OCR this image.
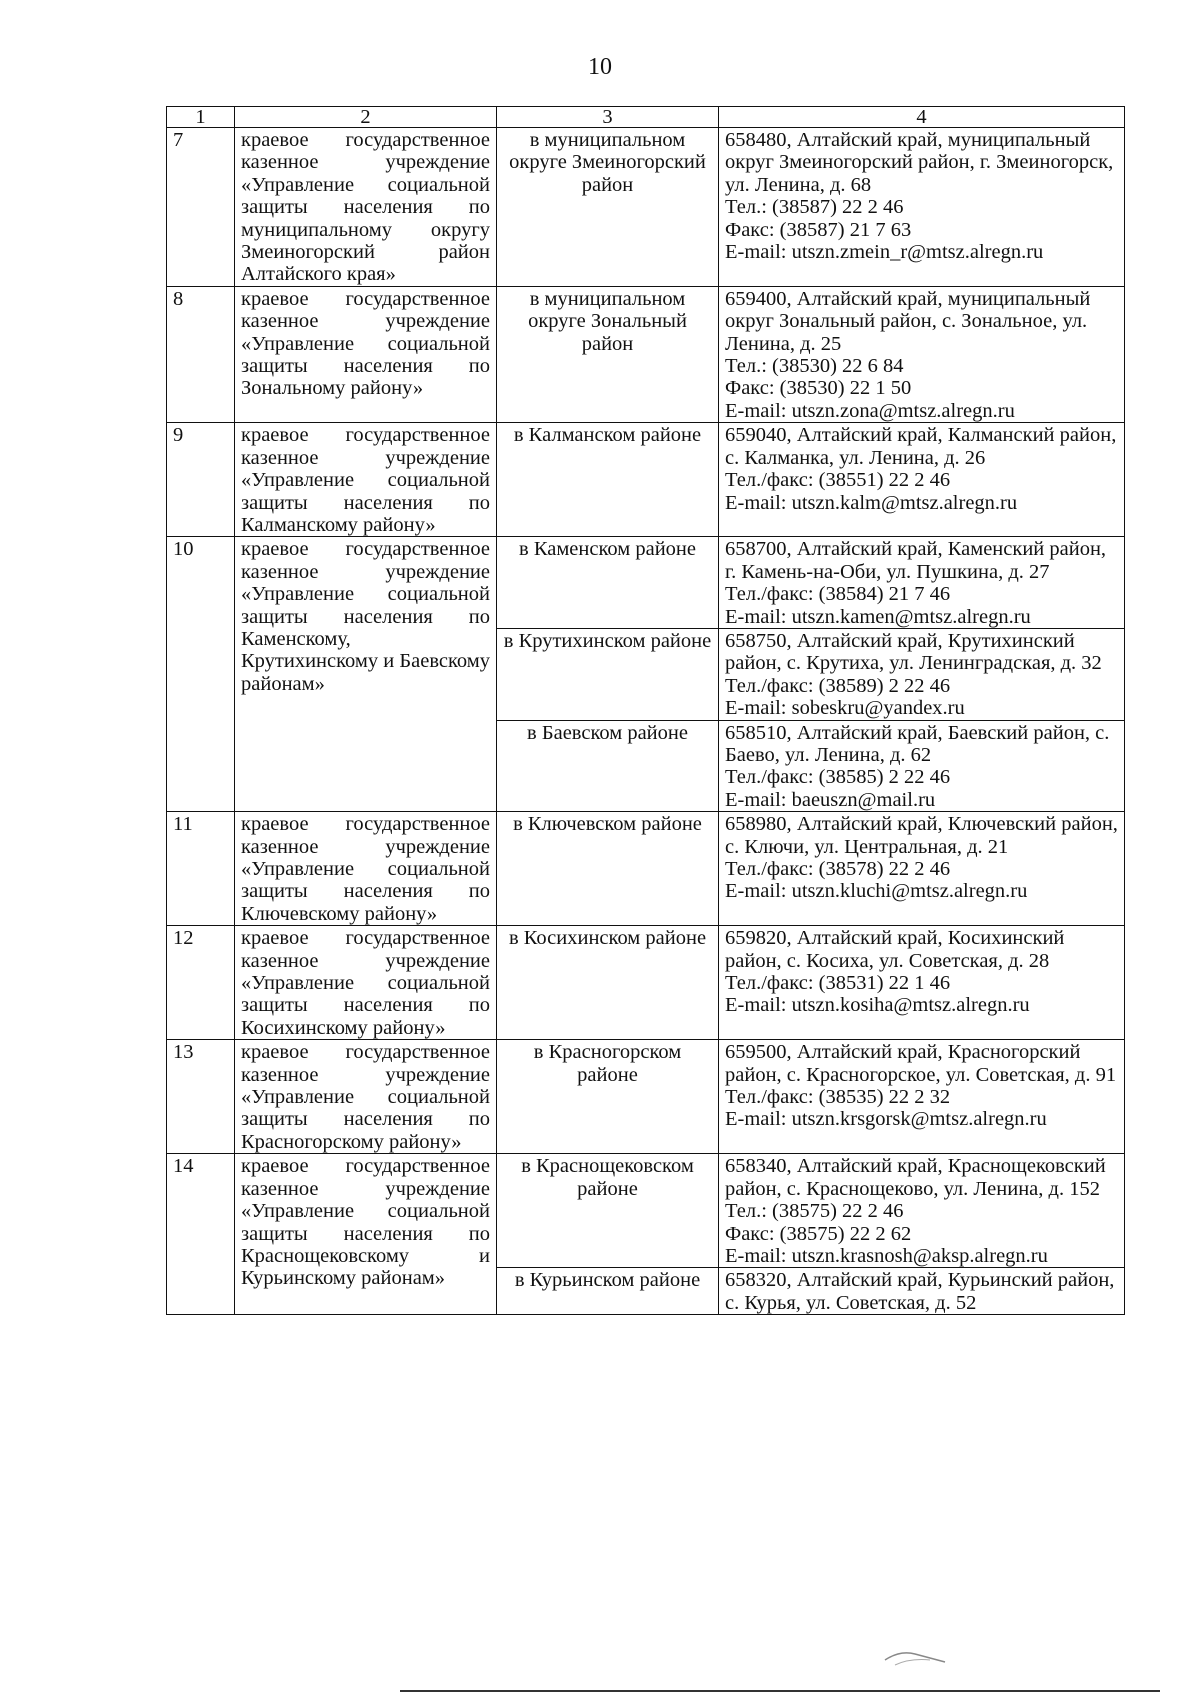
10
1	2	3	4
7	краевое государственное казенное учреждение «Управление социальной защиты населения по муниципальному округу Змеиногорский район Алтайского края»	в муниципальном округе Змеиногорский район	658480, Алтайский край, муниципальный округ Змеиногорский район, г. Змеиногорск, ул. Ленина, д. 68
Тел.: (38587) 22 2 46
Факс: (38587) 21 7 63
E-mail: utszn.zmein_r@mtsz.alregn.ru

8	краевое государственное казенное учреждение «Управление социальной защиты населения по Зональному району»	в муниципальном округе Зональный район	659400, Алтайский край, муниципальный округ Зональный район, с. Зональное, ул. Ленина, д. 25
Тел.: (38530) 22 6 84
Факс: (38530) 22 1 50
E-mail: utszn.zona@mtsz.alregn.ru

9	краевое государственное казенное учреждение «Управление социальной защиты населения по Калманскому району»	в Калманском районе	659040, Алтайский край, Калманский район, с. Калманка, ул. Ленина, д. 26
Тел./факс: (38551) 22 2 46
E-mail: utszn.kalm@mtsz.alregn.ru

10	краевое государственное казенное учреждение «Управление социальной защиты населения по Каменскому, Крутихинскому и Баевскому районам»	в Каменском районе	658700, Алтайский край, Каменский район, г. Камень-на-Оби, ул. Пушкина, д. 27
Тел./факс: (38584) 21 7 46
E-mail: utszn.kamen@mtsz.alregn.ru

		в Крутихинском районе	658750, Алтайский край, Крутихинский район, с. Крутиха, ул. Ленинградская, д. 32
Тел./факс: (38589) 2 22 46
E-mail: sobeskru@yandex.ru

		в Баевском районе	658510, Алтайский край, Баевский район, с. Баево, ул. Ленина, д. 62
Тел./факс: (38585) 2 22 46
E-mail: baeuszn@mail.ru

11	краевое государственное казенное учреждение «Управление социальной защиты населения по Ключевскому району»	в Ключевском районе	658980, Алтайский край, Ключевский район, с. Ключи, ул. Центральная, д. 21
Тел./факс: (38578) 22 2 46
E-mail: utszn.kluchi@mtsz.alregn.ru

12	краевое государственное казенное учреждение «Управление социальной защиты населения по Косихинскому району»	в Косихинском районе	659820, Алтайский край, Косихинский район, с. Косиха, ул. Советская, д. 28
Тел./факс: (38531) 22 1 46
E-mail: utszn.kosiha@mtsz.alregn.ru

13	краевое государственное казенное учреждение «Управление социальной защиты населения по Красногорскому району»	в Красногорском районе	659500, Алтайский край, Красногорский район, с. Красногорское, ул. Советская, д. 91
Тел./факс: (38535) 22 2 32
E-mail: utszn.krsgorsk@mtsz.alregn.ru

14	краевое государственное казенное учреждение «Управление социальной защиты населения по Краснощековскому и Курьинскому районам»	в Краснощековском районе	658340, Алтайский край, Краснощековский район, с. Краснощеково, ул. Ленина, д. 152
Тел.: (38575) 22 2 46
Факс: (38575) 22 2 62
E-mail: utszn.krasnosh@aksp.alregn.ru

		в Курьинском районе	658320, Алтайский край, Курьинский район, с. Курья, ул. Советская, д. 52
